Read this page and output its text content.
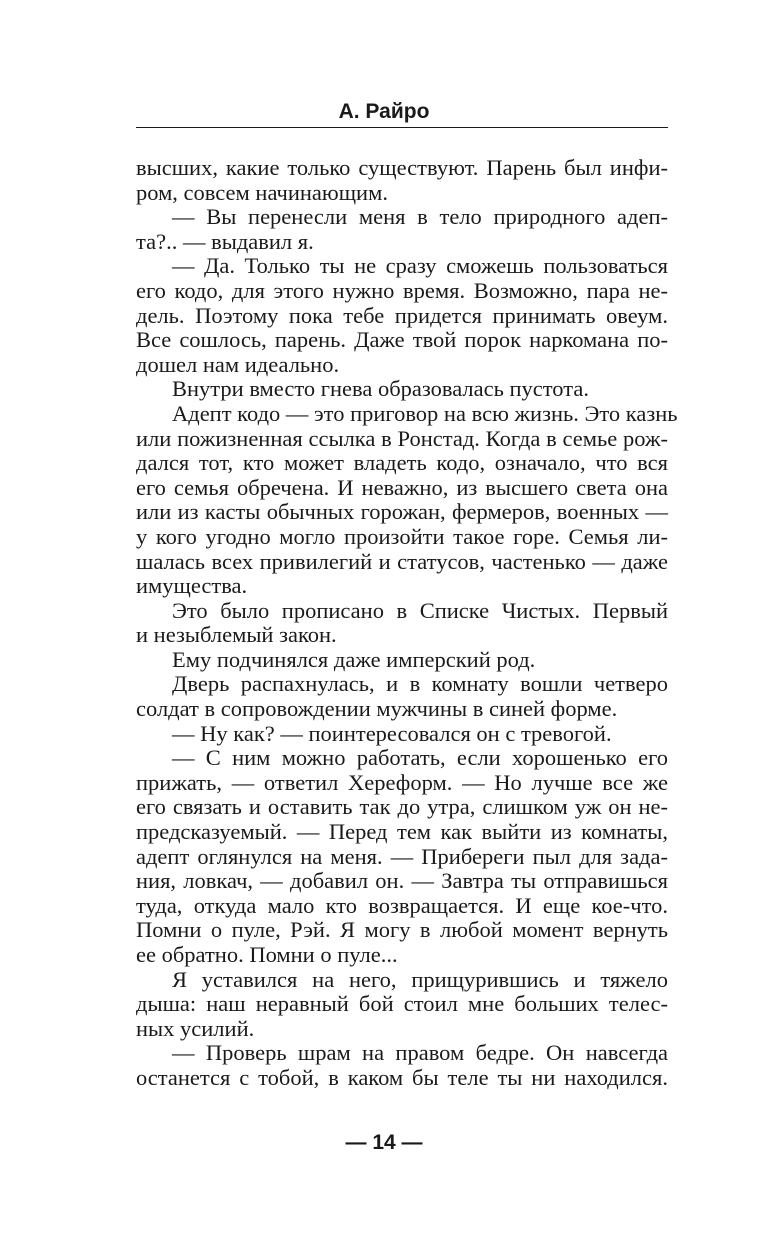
А. Райро
высших, какие только существуют. Парень был инфи-
ром, совсем начинающим.
— Вы перенесли меня в тело природного адеп-
та?.. — выдавил я.
— Да. Только ты не сразу сможешь пользоваться
его кодо, для этого нужно время. Возможно, пара не-
дель. Поэтому пока тебе придется принимать овеум.
Все сошлось, парень. Даже твой порок наркомана по-
дошел нам идеально.
Внутри вместо гнева образовалась пустота.
Адепт кодо — это приговор на всю жизнь. Это казнь
или пожизненная ссылка в Ронстад. Когда в семье рож-
дался тот, кто может владеть кодо, означало, что вся
его семья обречена. И неважно, из высшего света она
или из касты обычных горожан, фермеров, военных —
у кого угодно могло произойти такое горе. Семья ли-
шалась всех привилегий и статусов, частенько — даже
имущества.
Это было прописано в Списке Чистых. Первый
и незыблемый закон.
Ему подчинялся даже имперский род.
Дверь распахнулась, и в комнату вошли четверо
солдат в сопровождении мужчины в синей форме.
— Ну как? — поинтересовался он с тревогой.
— С ним можно работать, если хорошенько его
прижать, — ответил Хереформ. — Но лучше все же
его связать и оставить так до утра, слишком уж он не-
предсказуемый. — Перед тем как выйти из комнаты,
адепт оглянулся на меня. — Прибереги пыл для зада-
ния, ловкач, — добавил он. — Завтра ты отправишься
туда, откуда мало кто возвращается. И еще кое-что.
Помни о пуле, Рэй. Я могу в любой момент вернуть
ее обратно. Помни о пуле...
Я уставился на него, прищурившись и тяжело
дыша: наш неравный бой стоил мне больших телес-
ных усилий.
— Проверь шрам на правом бедре. Он навсегда
останется с тобой, в каком бы теле ты ни находился.
— 14 —
